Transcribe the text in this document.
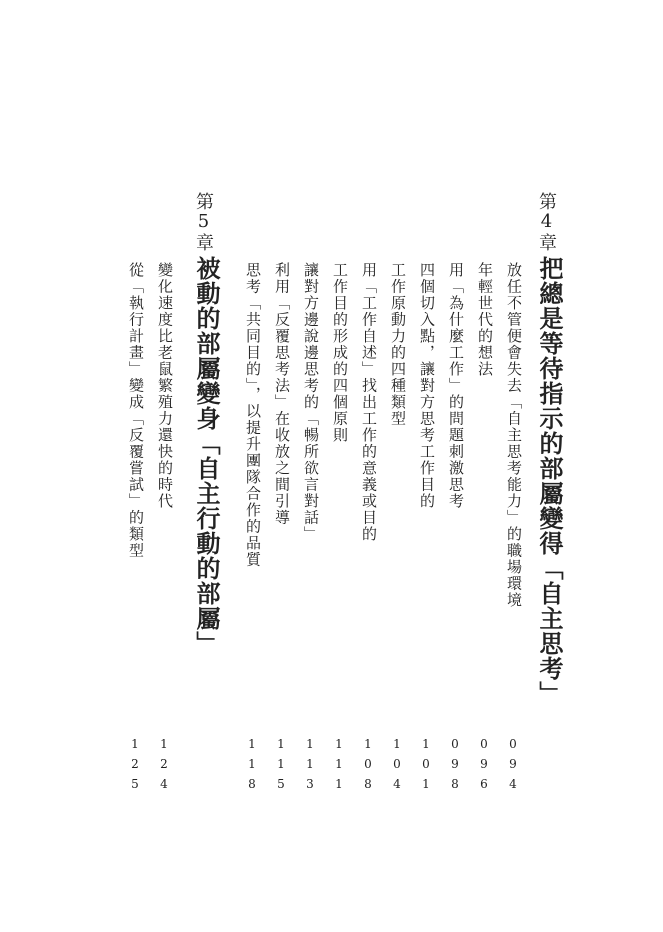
第4章
把總是等待指示的部屬變得「自主思考」
放任不管便會失去「自主思考能力」的職場環境
094
年輕世代的想法
096
用「為什麼工作」的問題刺激思考
098
四個切入點，讓對方思考工作目的
101
工作原動力的四種類型
104
用「工作自述」找出工作的意義或目的
108
工作目的形成的四個原則
111
讓對方邊說邊思考的「暢所欲言對話」
113
利用「反覆思考法」在收放之間引導
115
思考「共同目的」，以提升團隊合作的品質
118
第5章
被動的部屬變身「自主行動的部屬」
變化速度比老鼠繁殖力還快的時代
124
從「執行計畫」變成「反覆嘗試」的類型
125
